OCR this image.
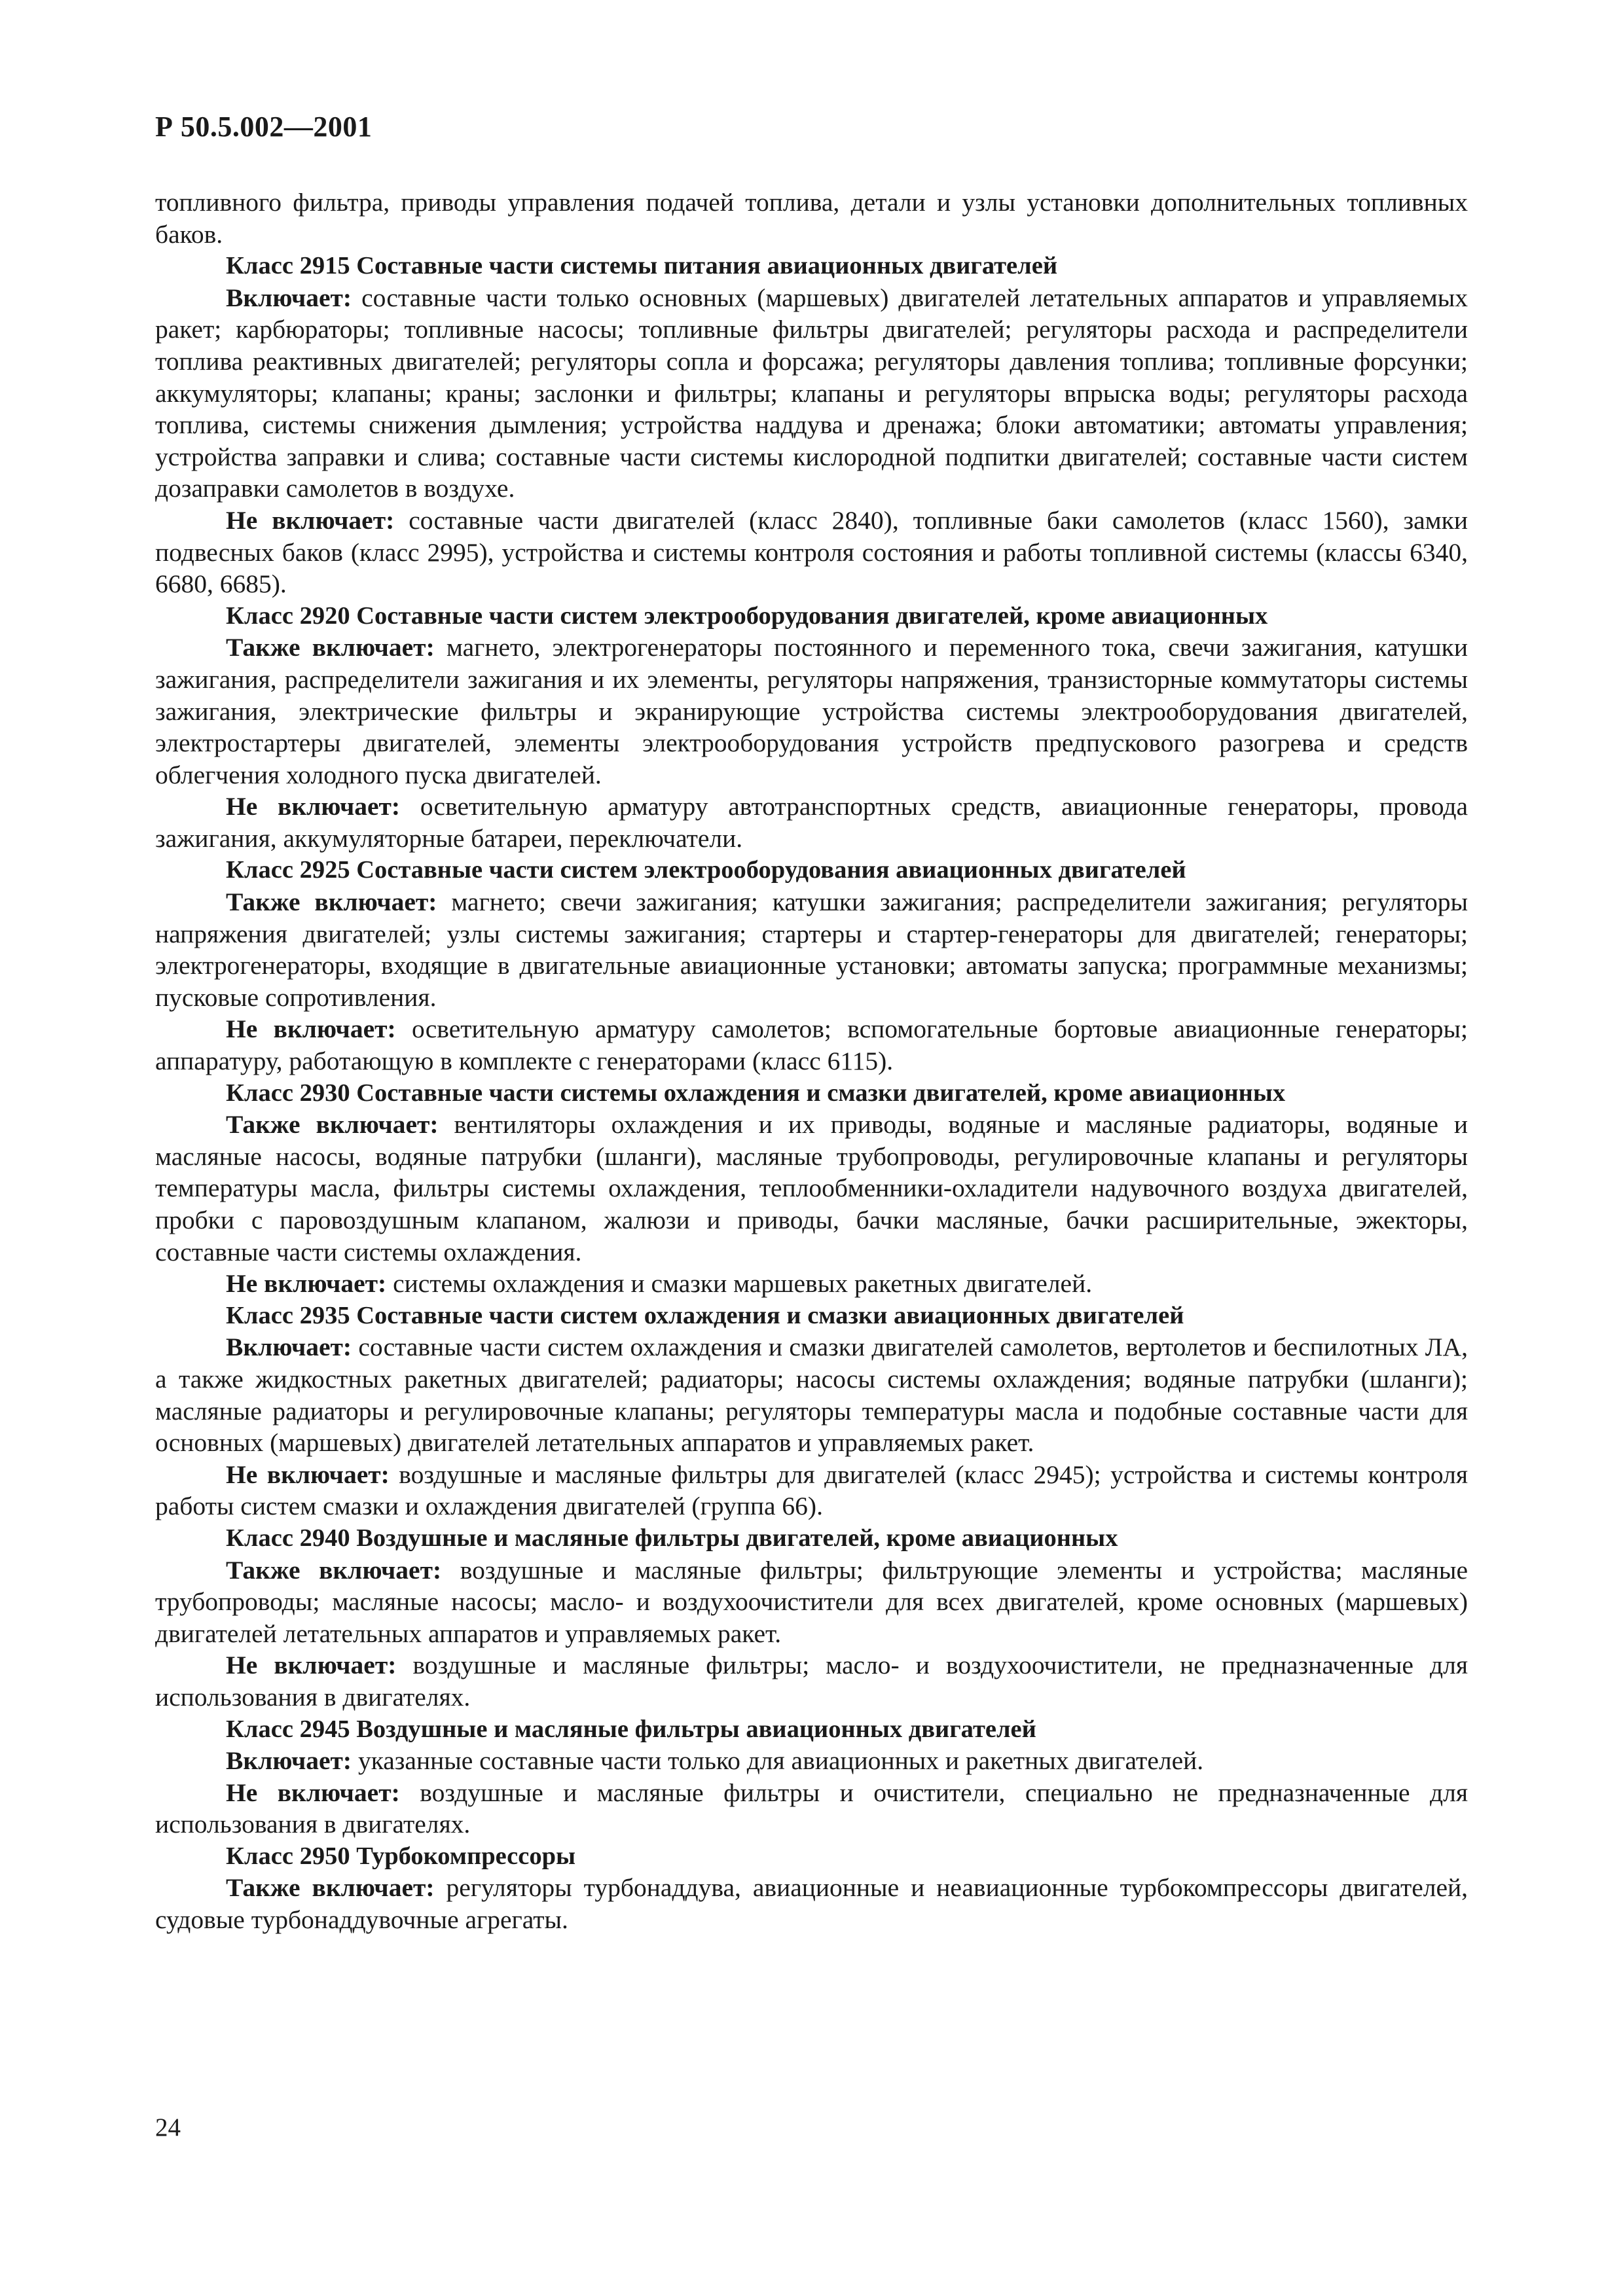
Р 50.5.002—2001

топливного фильтра, приводы управления подачей топлива, детали и узлы установки дополнительных топливных баков.

Класс 2915 Составные части системы питания авиационных двигателей

Включает: составные части только основных (маршевых) двигателей летательных аппаратов и управляемых ракет; карбюраторы; топливные насосы; топливные фильтры двигателей; регуляторы расхода и распределители топлива реактивных двигателей; регуляторы сопла и форсажа; регуляторы давления топлива; топливные форсунки; аккумуляторы; клапаны; краны; заслонки и фильтры; клапаны и регуляторы впрыска воды; регуляторы расхода топлива, системы снижения дымления; устройства наддува и дренажа; блоки автоматики; автоматы управления; устройства заправки и слива; составные части системы кислородной подпитки двигателей; составные части систем дозаправки самолетов в воздухе.

Не включает: составные части двигателей (класс 2840), топливные баки самолетов (класс 1560), замки подвесных баков (класс 2995), устройства и системы контроля состояния и работы топливной системы (классы 6340, 6680, 6685).

Класс 2920 Составные части систем электрооборудования двигателей, кроме авиационных

Также включает: магнето, электрогенераторы постоянного и переменного тока, свечи зажигания, катушки зажигания, распределители зажигания и их элементы, регуляторы напряжения, транзисторные коммутаторы системы зажигания, электрические фильтры и экранирующие устройства системы электрооборудования двигателей, электростартеры двигателей, элементы электрооборудования устройств предпускового разогрева и средств облегчения холодного пуска двигателей.

Не включает: осветительную арматуру автотранспортных средств, авиационные генераторы, провода зажигания, аккумуляторные батареи, переключатели.

Класс 2925 Составные части систем электрооборудования авиационных двигателей

Также включает: магнето; свечи зажигания; катушки зажигания; распределители зажигания; регуляторы напряжения двигателей; узлы системы зажигания; стартеры и стартер-генераторы для двигателей; генераторы; электрогенераторы, входящие в двигательные авиационные установки; автоматы запуска; программные механизмы; пусковые сопротивления.

Не включает: осветительную арматуру самолетов; вспомогательные бортовые авиационные генераторы; аппаратуру, работающую в комплекте с генераторами (класс 6115).

Класс 2930 Составные части системы охлаждения и смазки двигателей, кроме авиационных

Также включает: вентиляторы охлаждения и их приводы, водяные и масляные радиаторы, водяные и масляные насосы, водяные патрубки (шланги), масляные трубопроводы, регулировочные клапаны и регуляторы температуры масла, фильтры системы охлаждения, теплообменники-охладители надувочного воздуха двигателей, пробки с паровоздушным клапаном, жалюзи и приводы, бачки масляные, бачки расширительные, эжекторы, составные части системы охлаждения.

Не включает: системы охлаждения и смазки маршевых ракетных двигателей.

Класс 2935 Составные части систем охлаждения и смазки авиационных двигателей

Включает: составные части систем охлаждения и смазки двигателей самолетов, вертолетов и беспилотных ЛА, а также жидкостных ракетных двигателей; радиаторы; насосы системы охлаждения; водяные патрубки (шланги); масляные радиаторы и регулировочные клапаны; регуляторы температуры масла и подобные составные части для основных (маршевых) двигателей летательных аппаратов и управляемых ракет.

Не включает: воздушные и масляные фильтры для двигателей (класс 2945); устройства и системы контроля работы систем смазки и охлаждения двигателей (группа 66).

Класс 2940 Воздушные и масляные фильтры двигателей, кроме авиационных

Также включает: воздушные и масляные фильтры; фильтрующие элементы и устройства; масляные трубопроводы; масляные насосы; масло- и воздухоочистители для всех двигателей, кроме основных (маршевых) двигателей летательных аппаратов и управляемых ракет.

Не включает: воздушные и масляные фильтры; масло- и воздухоочистители, не предназначенные для использования в двигателях.

Класс 2945 Воздушные и масляные фильтры авиационных двигателей

Включает: указанные составные части только для авиационных и ракетных двигателей.

Не включает: воздушные и масляные фильтры и очистители, специально не предназначенные для использования в двигателях.

Класс 2950 Турбокомпрессоры

Также включает: регуляторы турбонаддува, авиационные и неавиационные турбокомпрессоры двигателей, судовые турбонаддувочные агрегаты.

24
